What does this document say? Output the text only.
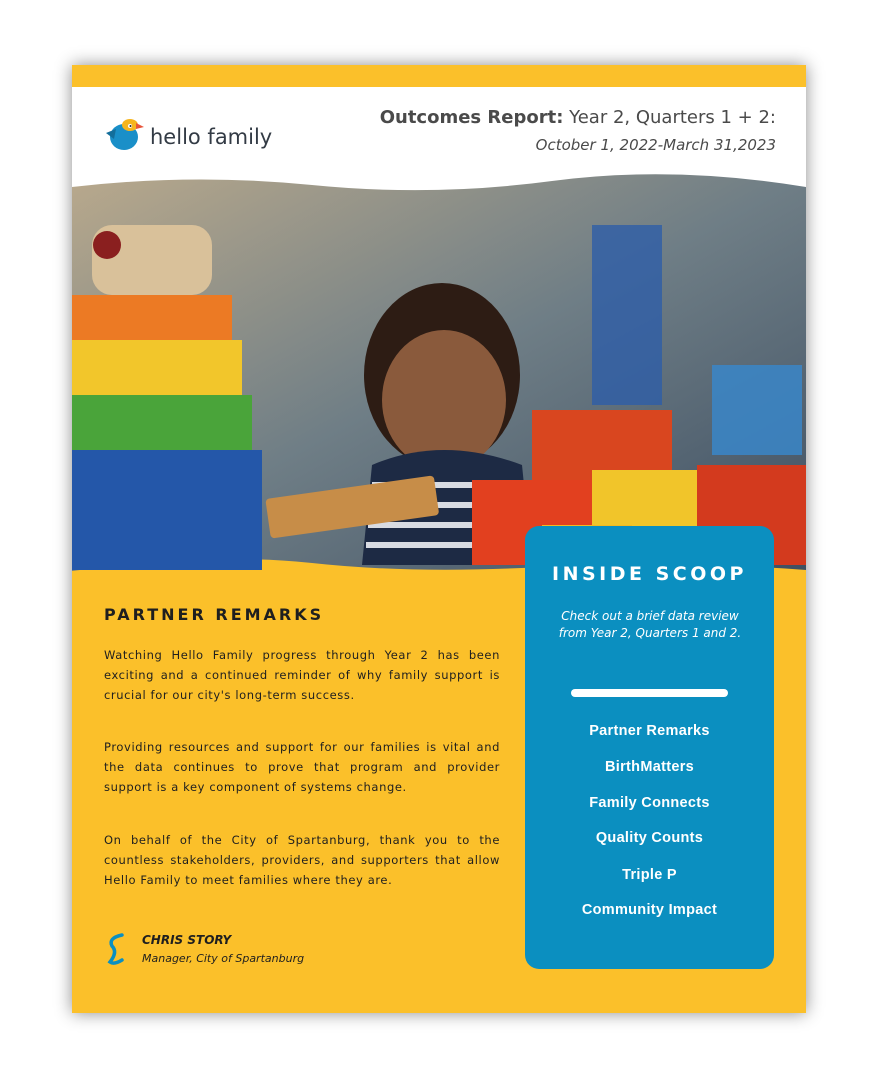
hello family
Outcomes Report: Year 2, Quarters 1 + 2:
October 1, 2022-March 31,2023
PARTNER REMARKS

Watching Hello Family progress through Year 2 has been exciting and a continued reminder of why family support is crucial for our city's long-term success.

Providing resources and support for our families is vital and the data continues to prove that program and provider support is a key component of systems change.

On behalf of the City of Spartanburg, thank you to the countless stakeholders, providers, and supporters that allow Hello Family to meet families where they are.

CHRIS STORY
Manager, City of Spartanburg
INSIDE SCOOP
Check out a brief data review from Year 2, Quarters 1 and 2.
Partner Remarks
BirthMatters
Family Connects
Quality Counts
Triple P
Community Impact
